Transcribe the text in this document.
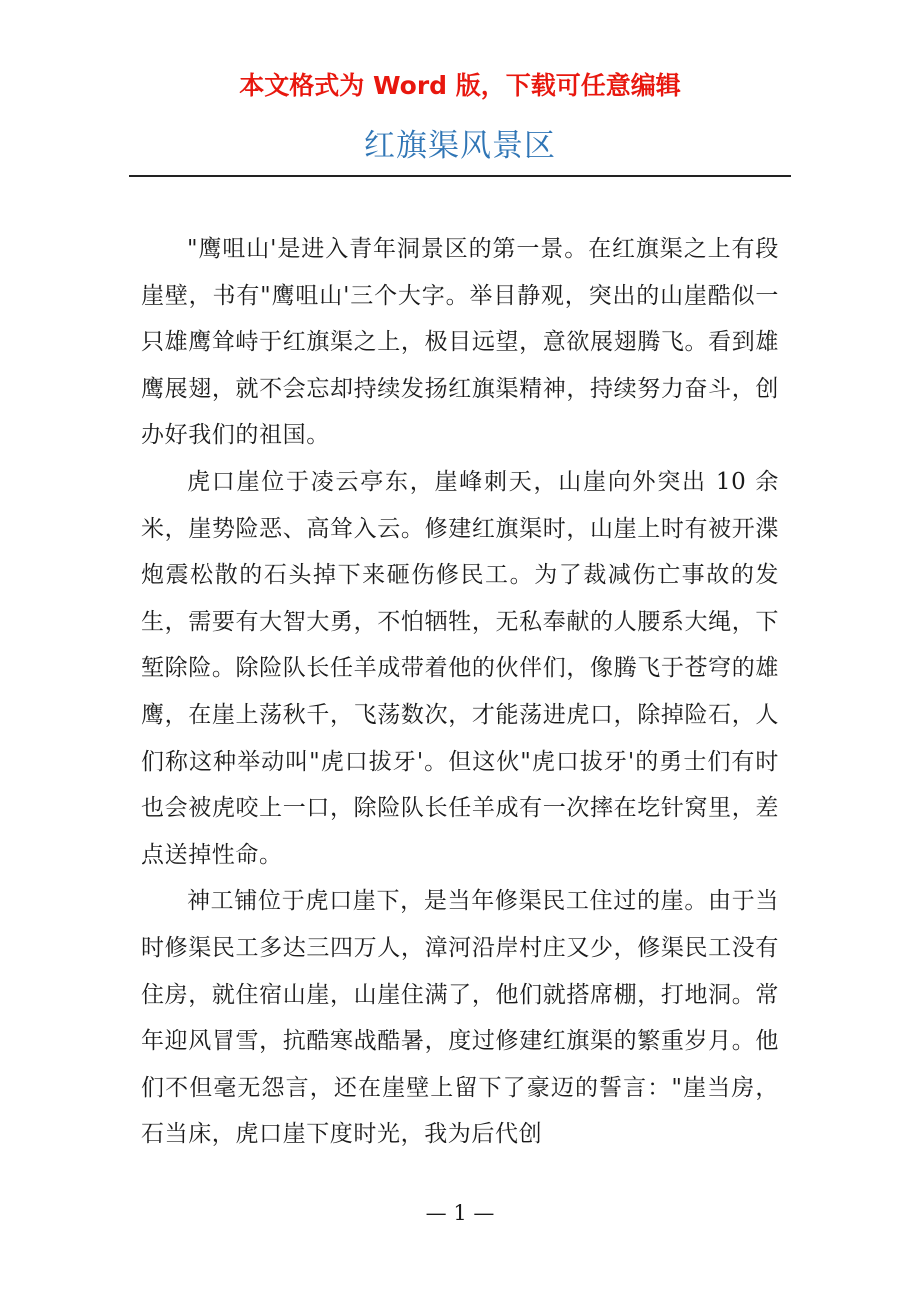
本文格式为 Word 版，下载可任意编辑
红旗渠风景区

"鹰咀山'是进入青年洞景区的第一景。在红旗渠之上有段崖壁，书有"鹰咀山'三个大字。举目静观，突出的山崖酷似一只雄鹰耸峙于红旗渠之上，极目远望，意欲展翅腾飞。看到雄鹰展翅，就不会忘却持续发扬红旗渠精神，持续努力奋斗，创办好我们的祖国。

虎口崖位于凌云亭东，崖峰刺天，山崖向外突出 10 余米，崖势险恶、高耸入云。修建红旗渠时，山崖上时有被开渫炮震松散的石头掉下来砸伤修民工。为了裁减伤亡事故的发生，需要有大智大勇，不怕牺牲，无私奉献的人腰系大绳，下堑除险。除险队长任羊成带着他的伙伴们，像腾飞于苍穹的雄鹰，在崖上荡秋千，飞荡数次，才能荡进虎口，除掉险石，人们称这种举动叫"虎口拔牙'。但这伙"虎口拔牙'的勇士们有时也会被虎咬上一口，除险队长任羊成有一次摔在圪针窝里，差点送掉性命。

神工铺位于虎口崖下，是当年修渠民工住过的崖。由于当时修渠民工多达三四万人，漳河沿岸村庄又少，修渠民工没有住房，就住宿山崖，山崖住满了，他们就搭席棚，打地洞。常年迎风冒雪，抗酷寒战酷暑，度过修建红旗渠的繁重岁月。他们不但毫无怨言，还在崖壁上留下了豪迈的誓言："崖当房，石当床，虎口崖下度时光，我为后代创

— 1 —
